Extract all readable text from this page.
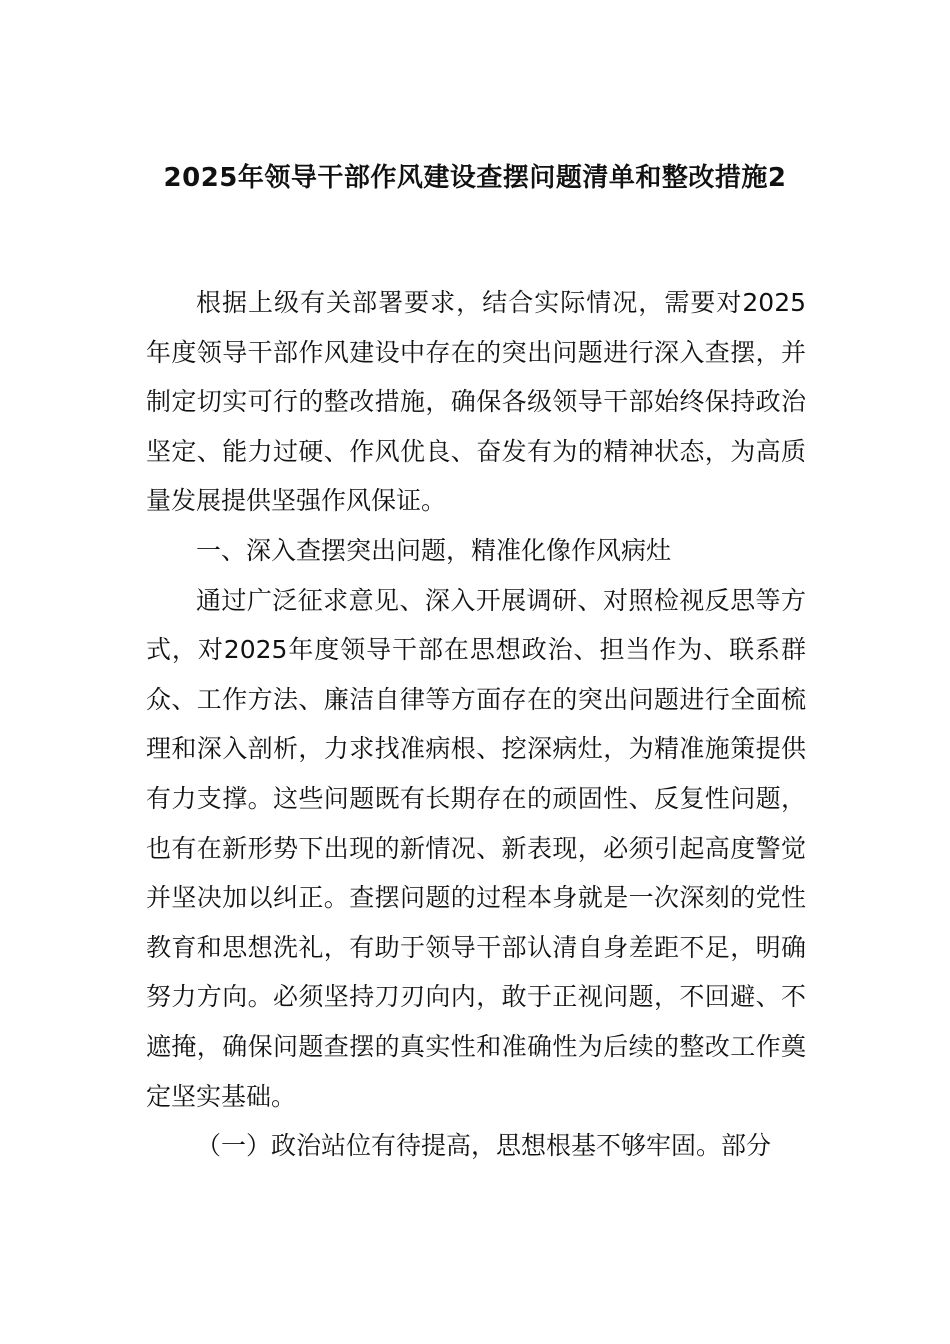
2025年领导干部作风建设查摆问题清单和整改措施2

根据上级有关部署要求，结合实际情况，需要对2025年度领导干部作风建设中存在的突出问题进行深入查摆，并制定切实可行的整改措施，确保各级领导干部始终保持政治坚定、能力过硬、作风优良、奋发有为的精神状态，为高质量发展提供坚强作风保证。

一、深入查摆突出问题，精准化像作风病灶

通过广泛征求意见、深入开展调研、对照检视反思等方式，对2025年度领导干部在思想政治、担当作为、联系群众、工作方法、廉洁自律等方面存在的突出问题进行全面梳理和深入剖析，力求找准病根、挖深病灶，为精准施策提供有力支撑。这些问题既有长期存在的顽固性、反复性问题，也有在新形势下出现的新情况、新表现，必须引起高度警觉并坚决加以纠正。查摆问题的过程本身就是一次深刻的党性教育和思想洗礼，有助于领导干部认清自身差距不足，明确努力方向。必须坚持刀刃向内，敢于正视问题，不回避、不遮掩，确保问题查摆的真实性和准确性为后续的整改工作奠定坚实基础。

（一）政治站位有待提高，思想根基不够牢固。部分
